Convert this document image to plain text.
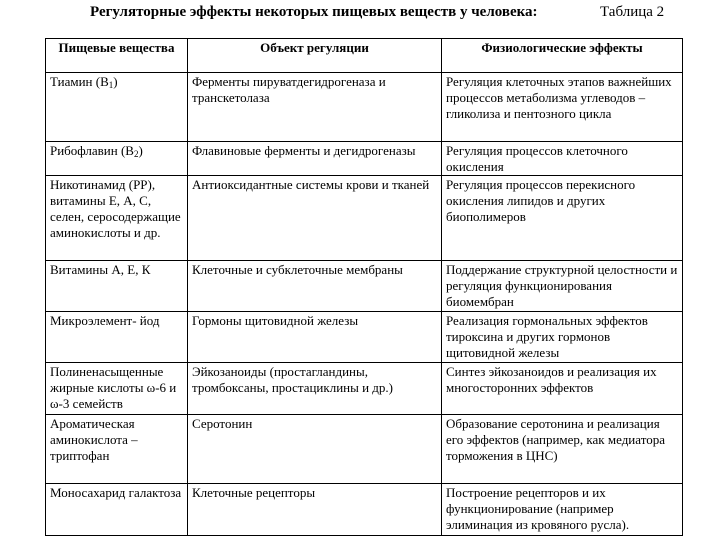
Регуляторные эффекты некоторых пищевых веществ у человека:	Таблица 2
Пищевые вещества	Объект регуляции	Физиологические эффекты
Тиамин $(В_1)$	Ферменты пируватдегидрогеназа и транскетолаза	Регуляция клеточных этапов важнейших процессов метаболизма углеводов – гликолиза и пентозного цикла
Рибофлавин $(В_2)$	Флавиновые ферменты и дегидрогеназы	Регуляция процессов клеточного окисления
Никотинамид (РР), витамины Е, А, С, селен, серосодержащие аминокислоты и др.	Антиоксидантные системы крови и тканей	Регуляция процессов перекисного окисления липидов и других биополимеров
Витамины А, Е, К	Клеточные и субклеточные мембраны	Поддержание структурной целостности и регуляция функционирования биомембран
Микроэлемент- йод	Гормоны щитовидной железы	Реализация гормональных эффектов тироксина и других гормонов щитовидной железы
Полиненасыщенные жирные кислоты ω-6 и ω-3 семейств	Эйкозаноиды (простагландины, тромбоксаны, простациклины и др.)	Синтез эйкозаноидов и реализация их многосторонних эффектов
Ароматическая аминокислота – триптофан	Серотонин	Образование серотонина и реализация его эффектов (например, как медиатора торможения в ЦНС)
Моносахарид галактоза	Клеточные рецепторы	Построение рецепторов и их функционирование (например элиминация из кровяного русла).
